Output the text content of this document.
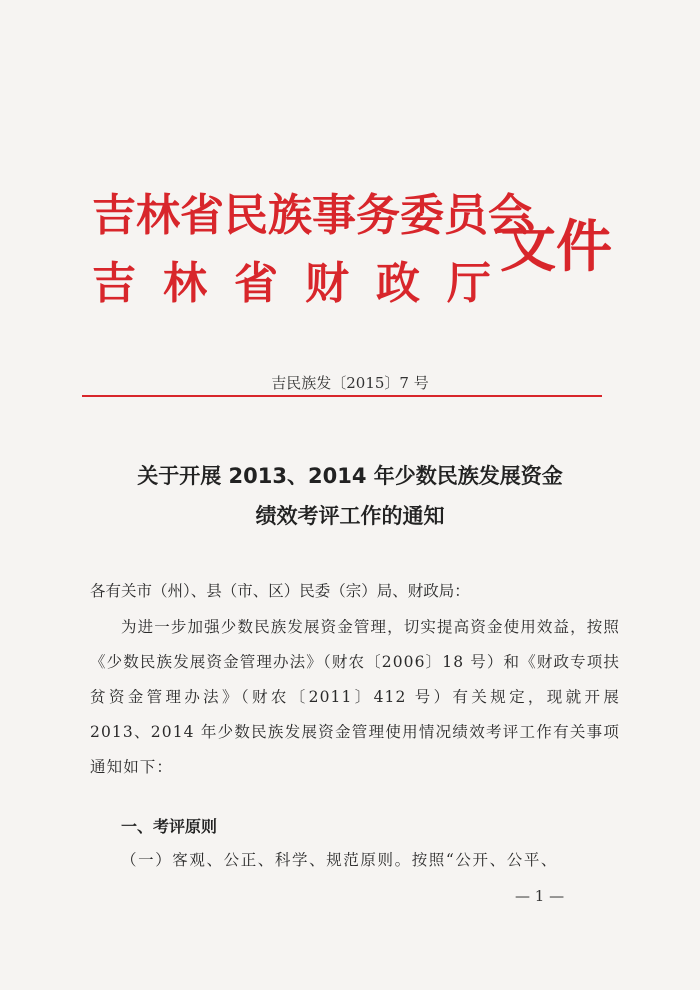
吉林省民族事务委员会
吉林省财政厅
文件
吉民族发〔2015〕7 号
关于开展 2013、2014 年少数民族发展资金
绩效考评工作的通知
各有关市（州）、县（市、区）民委（宗）局、财政局：
为进一步加强少数民族发展资金管理，切实提高资金使用效益，按照《少数民族发展资金管理办法》（财农〔2006〕18 号）和《财政专项扶贫资金管理办法》（财农〔2011〕412 号）有关规定，现就开展 2013、2014 年少数民族发展资金管理使用情况绩效考评工作有关事项通知如下：
一、考评原则
（一）客观、公正、科学、规范原则。按照“公开、公平、
— 1 —
